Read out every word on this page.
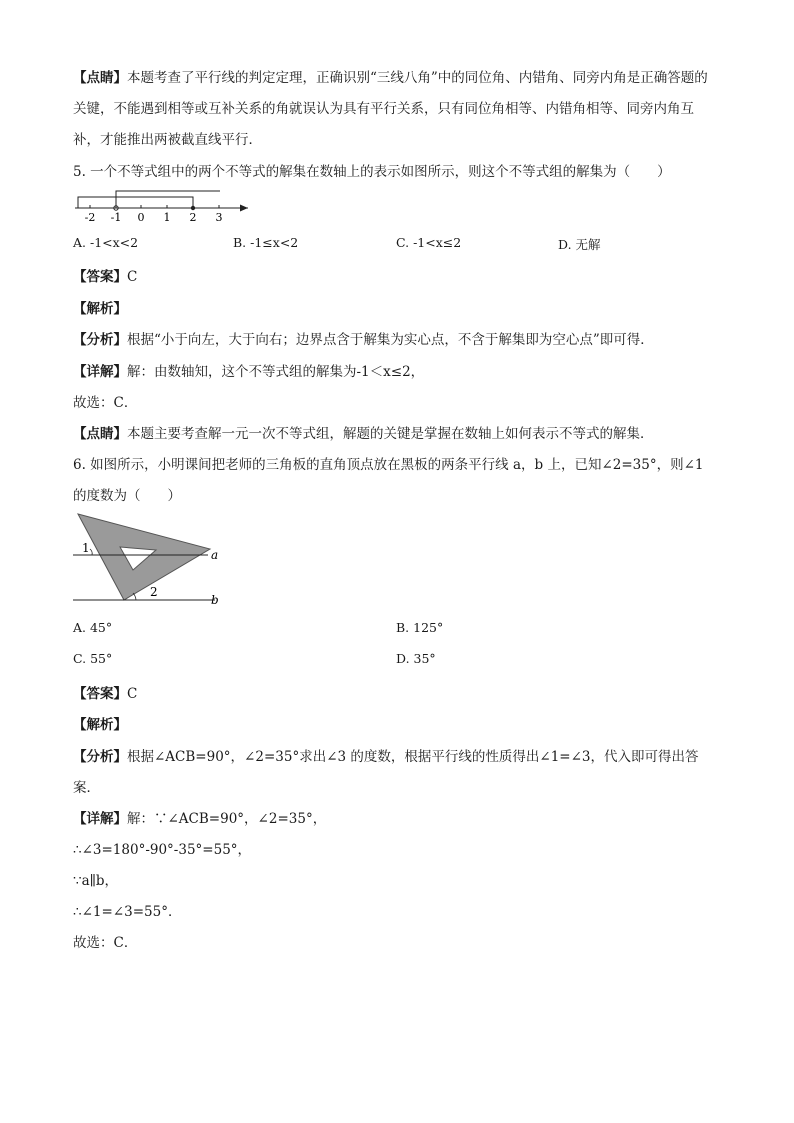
【点睛】本题考查了平行线的判定定理，正确识别“三线八角”中的同位角、内错角、同旁内角是正确答题的
关键，不能遇到相等或互补关系的角就误认为具有平行关系，只有同位角相等、内错角相等、同旁内角互
补，才能推出两被截直线平行．
5. 一个不等式组中的两个不等式的解集在数轴上的表示如图所示，则这个不等式组的解集为（　　）
-2 -1 0 1 2 3
A. -1<x<2	B. -1≤x<2	C. -1<x≤2	D. 无解
【答案】C
【解析】
【分析】根据“小于向左，大于向右；边界点含于解集为实心点，不含于解集即为空心点”即可得．
【详解】解：由数轴知，这个不等式组的解集为-1＜x≤2，
故选：C．
【点睛】本题主要考查解一元一次不等式组，解题的关键是掌握在数轴上如何表示不等式的解集．
6. 如图所示，小明课间把老师的三角板的直角顶点放在黑板的两条平行线 a，b 上，已知∠2=35°，则∠1
的度数为（　　）
1
2
a
b
A. 45°	B. 125°
C. 55°	D. 35°
【答案】C
【解析】
【分析】根据∠ACB=90°，∠2=35°求出∠3 的度数，根据平行线的性质得出∠1=∠3，代入即可得出答
案．
【详解】解：∵∠ACB=90°，∠2=35°，
∴∠3=180°-90°-35°=55°，
∵a∥b，
∴∠1=∠3=55°．
故选：C．
